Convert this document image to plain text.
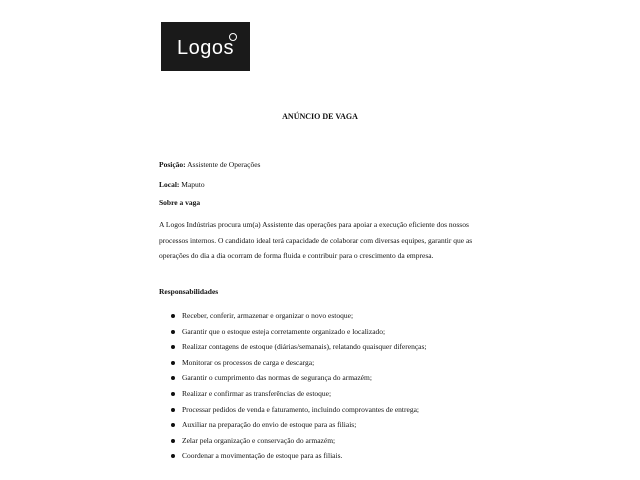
Logos
ANÚNCIO DE VAGA
Posição: Assistente de Operações
Local: Maputo
Sobre a vaga
A Logos Indústrias procura um(a) Assistente das operações para apoiar a execução eficiente dos nossos processos internos. O candidato ideal terá capacidade de colaborar com diversas equipes, garantir que as operações do dia a dia ocorram de forma fluida e contribuir para o crescimento da empresa.
Responsabilidades
Receber, conferir, armazenar e organizar o novo estoque;
Garantir que o estoque esteja corretamente organizado e localizado;
Realizar contagens de estoque (diárias/semanais), relatando quaisquer diferenças;
Monitorar os processos de carga e descarga;
Garantir o cumprimento das normas de segurança do armazém;
Realizar e confirmar as transferências de estoque;
Processar pedidos de venda e faturamento, incluindo comprovantes de entrega;
Auxiliar na preparação do envio de estoque para as filiais;
Zelar pela organização e conservação do armazém;
Coordenar a movimentação de estoque para as filiais.
